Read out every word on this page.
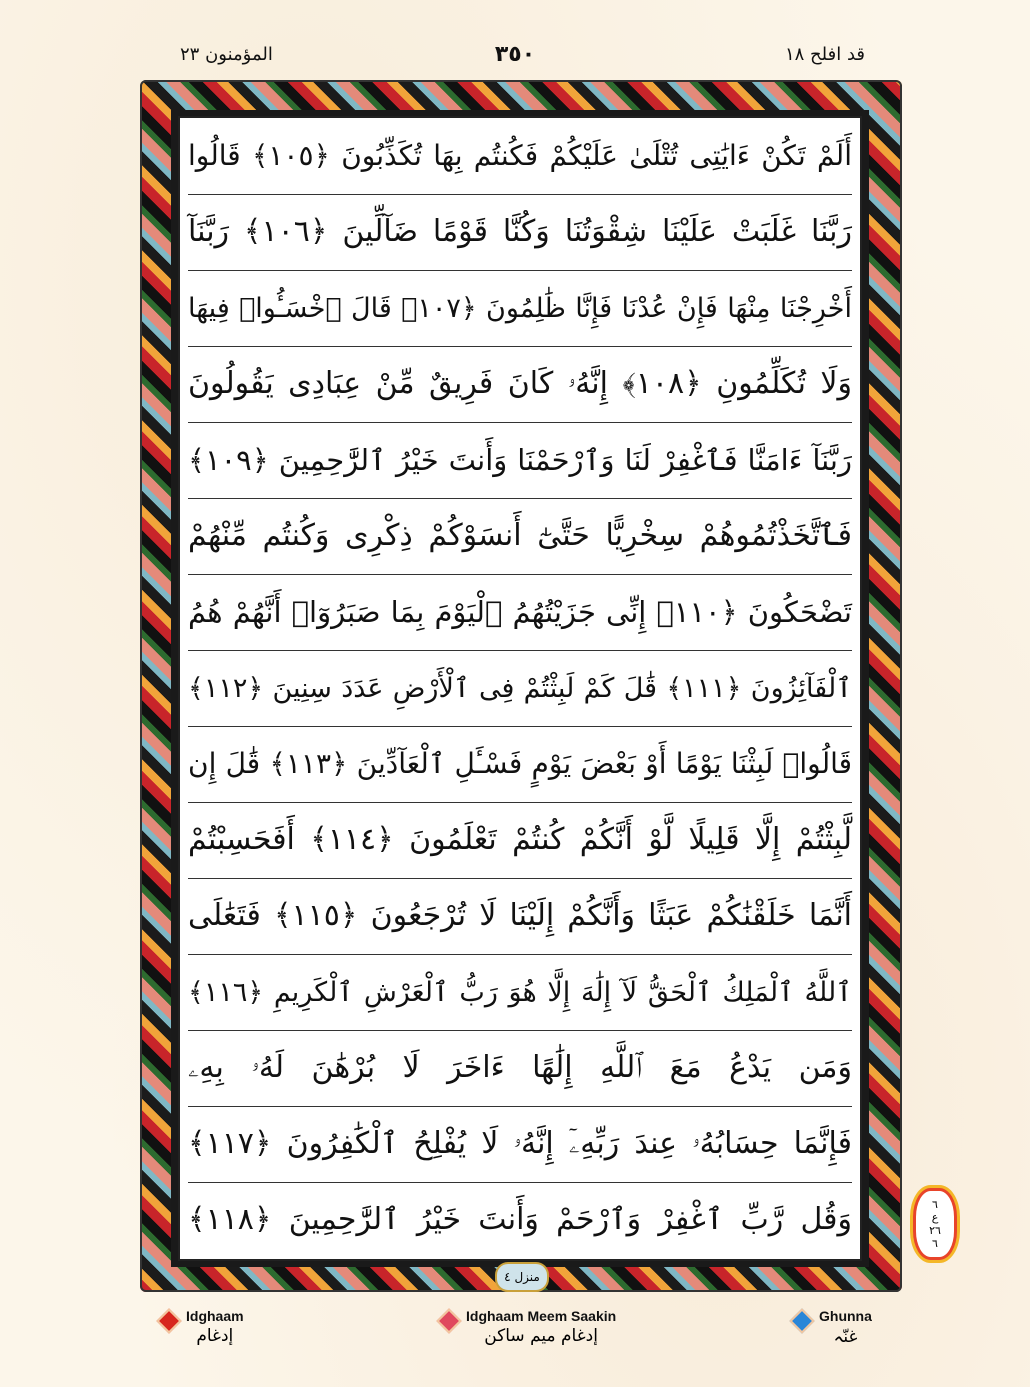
قد افلح ١٨
٣٥٠
المؤمنون ٢٣
أَلَمْ تَكُنْ ءَايَٰتِى تُتْلَىٰ عَلَيْكُمْ فَكُنتُم بِهَا تُكَذِّبُونَ ﴿١٠٥﴾ قَالُوا
رَبَّنَا غَلَبَتْ عَلَيْنَا شِقْوَتُنَا وَكُنَّا قَوْمًا ضَآلِّينَ ﴿١٠٦﴾ رَبَّنَآ
أَخْرِجْنَا مِنْهَا فَإِنْ عُدْنَا فَإِنَّا ظَٰلِمُونَ ﴿١٠٧﴾ قَالَ ٱخْسَـُٔوا۟ فِيهَا
وَلَا تُكَلِّمُونِ ﴿١٠٨﴾ إِنَّهُۥ كَانَ فَرِيقٌ مِّنْ عِبَادِى يَقُولُونَ
رَبَّنَآ ءَامَنَّا فَٱغْفِرْ لَنَا وَٱرْحَمْنَا وَأَنتَ خَيْرُ ٱلرَّٰحِمِينَ ﴿١٠٩﴾
فَٱتَّخَذْتُمُوهُمْ سِخْرِيًّا حَتَّىٰٓ أَنسَوْكُمْ ذِكْرِى وَكُنتُم مِّنْهُمْ
تَضْحَكُونَ ﴿١١٠﴾ إِنِّى جَزَيْتُهُمُ ٱلْيَوْمَ بِمَا صَبَرُوٓا۟ أَنَّهُمْ هُمُ
ٱلْفَآئِزُونَ ﴿١١١﴾ قَٰلَ كَمْ لَبِثْتُمْ فِى ٱلْأَرْضِ عَدَدَ سِنِينَ ﴿١١٢﴾
قَالُوا۟ لَبِثْنَا يَوْمًا أَوْ بَعْضَ يَوْمٍ فَسْـَٔلِ ٱلْعَآدِّينَ ﴿١١٣﴾ قَٰلَ إِن
لَّبِثْتُمْ إِلَّا قَلِيلًا لَّوْ أَنَّكُمْ كُنتُمْ تَعْلَمُونَ ﴿١١٤﴾ أَفَحَسِبْتُمْ
أَنَّمَا خَلَقْنَٰكُمْ عَبَثًا وَأَنَّكُمْ إِلَيْنَا لَا تُرْجَعُونَ ﴿١١٥﴾ فَتَعَٰلَى
ٱللَّهُ ٱلْمَلِكُ ٱلْحَقُّ لَآ إِلَٰهَ إِلَّا هُوَ رَبُّ ٱلْعَرْشِ ٱلْكَرِيمِ ﴿١١٦﴾
وَمَن يَدْعُ مَعَ ٱللَّهِ إِلَٰهًا ءَاخَرَ لَا بُرْهَٰنَ لَهُۥ بِهِۦ
فَإِنَّمَا حِسَابُهُۥ عِندَ رَبِّهِۦٓ إِنَّهُۥ لَا يُفْلِحُ ٱلْكَٰفِرُونَ ﴿١١٧﴾
وَقُل رَّبِّ ٱغْفِرْ وَٱرْحَمْ وَأَنتَ خَيْرُ ٱلرَّٰحِمِينَ ﴿١١٨﴾
منزل ٤
٦
ع
٢٦
٦
Idghaam
إدغام
Idghaam Meem Saakin
إدغام ميم ساكن
Ghunna
غنّہ
